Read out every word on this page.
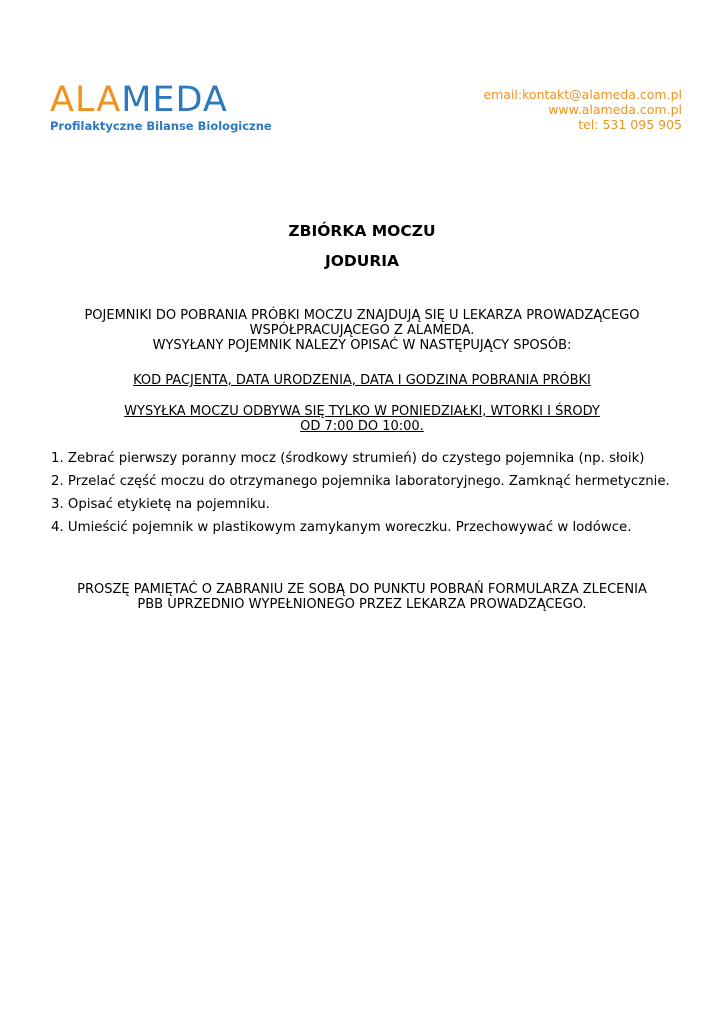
ALAMEDA
Profilaktyczne Bilanse Biologiczne
email:kontakt@alameda.com.pl
www.alameda.com.pl
tel: 531 095 905
ZBIÓRKA MOCZU
JODURIA
POJEMNIKI DO POBRANIA PRÓBKI MOCZU ZNAJDUJĄ SIĘ U LEKARZA PROWADZĄCEGO
WSPÓŁPRACUJĄCEGO Z ALAMEDA.
WYSYŁANY POJEMNIK NALEZY OPISAĆ W NASTĘPUJĄCY SPOSÓB:
KOD PACJENTA, DATA URODZENIA, DATA I GODZINA POBRANIA PRÓBKI
WYSYŁKA MOCZU ODBYWA SIĘ TYLKO W PONIEDZIAŁKI, WTORKI I ŚRODY
OD 7:00 DO 10:00.
1. Zebrać pierwszy poranny mocz (środkowy strumień) do czystego pojemnika (np. słoik)
2. Przelać część moczu do otrzymanego pojemnika laboratoryjnego. Zamknąć hermetycznie.
3. Opisać etykietę na pojemniku.
4. Umieścić pojemnik w plastikowym zamykanym woreczku. Przechowywać w lodówce.
PROSZĘ PAMIĘTAĆ O ZABRANIU ZE SOBĄ DO PUNKTU POBRAŃ FORMULARZA ZLECENIA
PBB UPRZEDNIO WYPEŁNIONEGO PRZEZ LEKARZA PROWADZĄCEGO.
